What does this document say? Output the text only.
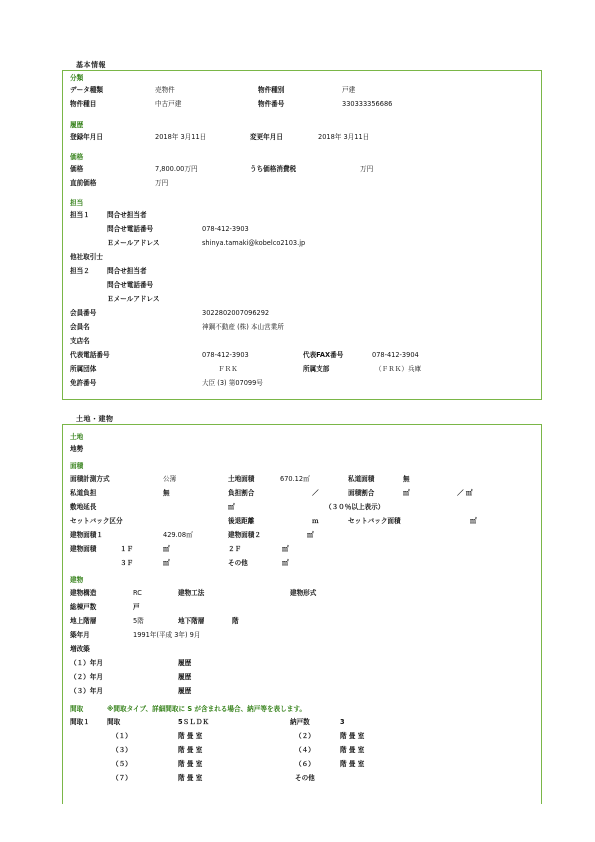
基本情報
分類
データ種類	売物件	物件種別	戸建
物件種目	中古戸建	物件番号	330333356686
履歴
登録年月日	2018年 3月11日	変更年月日	2018年 3月11日
価格
価格	7,800.00万円	うち価格消費税	万円
直前価格	万円
担当
担当１	問合せ担当者
問合せ電話番号	078-412-3903
Ｅメールアドレス	shinya.tamaki@kobelco2103.jp
他社取引士
担当２	問合せ担当者
問合せ電話番号
Ｅメールアドレス
会員番号	3022802007096292
会員名	神鋼不動産 (株) 本山営業所
支店名
代表電話番号	078-412-3903	代表FAX番号	078-412-3904
所属団体	ＦＲＫ	所属支部	（ＦＲＫ）兵庫
免許番号	大臣 (3) 第07099号
土地・建物
土地
地勢
面積
面積計測方式	公簿	土地面積	670.12㎡	私道面積	無
私道負担	無	負担割合	／	面積割合	㎡	／ ㎡
敷地延長	㎡	（３０％以上表示）
セットバック区分	後退距離	ｍ	セットバック面積	㎡
建物面積１	429.08㎡	建物面積２	㎡
建物面積	１Ｆ	㎡	２Ｆ	㎡
３Ｆ	㎡	その他	㎡
建物
建物構造	RC	建物工法	建物形式
総棟戸数	戸
地上階層	5階	地下階層	階
築年月	1991年(平成 3年) 9月
増改築
（１）年月	履歴
（２）年月	履歴
（３）年月	履歴
間取	※間取タイプ、詳細間取に S が含まれる場合、納戸等を表します。
間取１	間取	5ＳＬＤＫ	納戸数	3
（１）	階 畳 室	（２）	階 畳 室
（３）	階 畳 室	（４）	階 畳 室
（５）	階 畳 室	（６）	階 畳 室
（７）	階 畳 室	その他
